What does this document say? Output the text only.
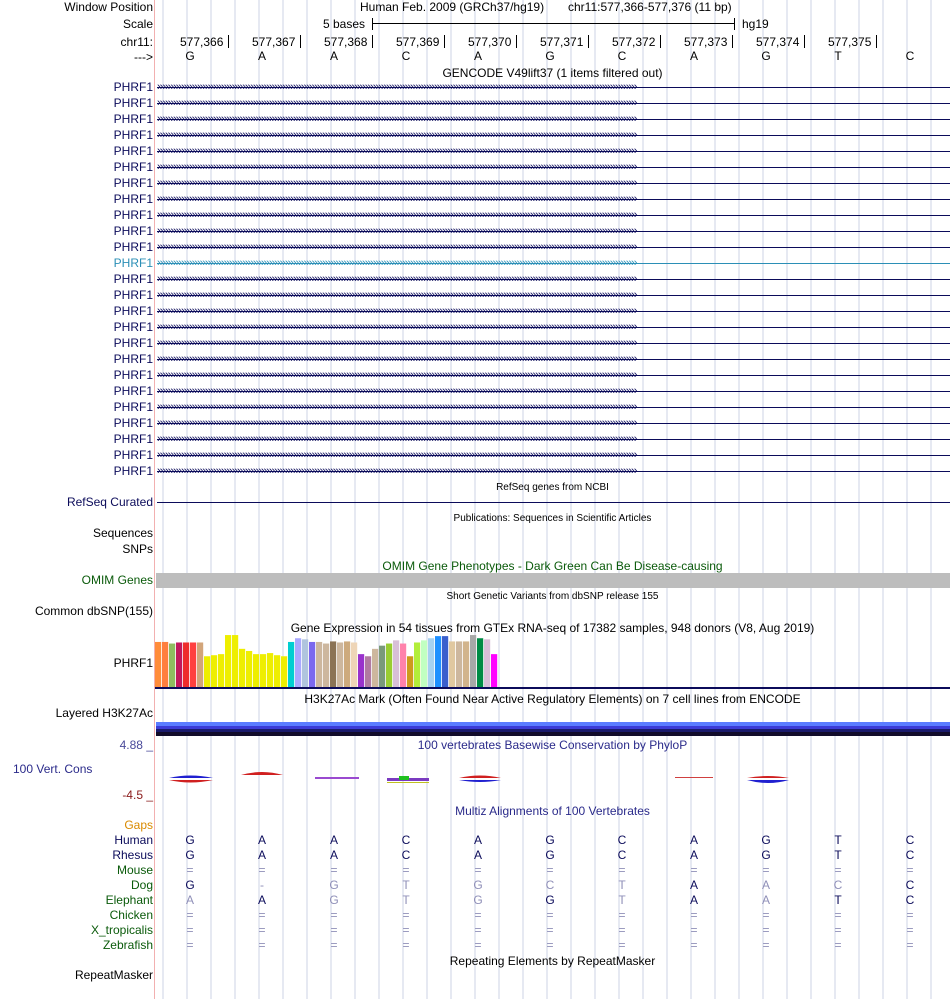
Window Position	Human Feb. 2009 (GRCh37/hg19) chr11:577,366-577,376 (11 bp)
Scale	5 bases	hg19
chr11:
--->
577,366 577,367 577,368 577,369 577,370 577,371 577,372 577,373 577,374 577,375
G	A	A	C	A	G	C	A	G	T	C
GENCODE V49lift37 (1 items filtered out)
PHRF1 ››››››››››››››››››››››››››››››››››››››››››››››››››››››››››››››››››››››››››››››››››››››››››››››››››››››››››››››››››››››››››››››››››››››››››››››››››››››››››››››››››››››››››››››››››››
PHRF1 ››››››››››››››››››››››››››››››››››››››››››››››››››››››››››››››››››››››››››››››››››››››››››››››››››››››››››››››››››››››››››››››››››››››››››››››››››››››››››››››››››››››››››››››››››››
PHRF1 ››››››››››››››››››››››››››››››››››››››››››››››››››››››››››››››››››››››››››››››››››››››››››››››››››››››››››››››››››››››››››››››››››››››››››››››››››››››››››››››››››››››››››››››››››››
PHRF1 ››››››››››››››››››››››››››››››››››››››››››››››››››››››››››››››››››››››››››››››››››››››››››››››››››››››››››››››››››››››››››››››››››››››››››››››››››››››››››››››››››››››››››››››››››››
PHRF1 ››››››››››››››››››››››››››››››››››››››››››››››››››››››››››››››››››››››››››››››››››››››››››››››››››››››››››››››››››››››››››››››››››››››››››››››››››››››››››››››››››››››››››››››››››››
PHRF1 ››››››››››››››››››››››››››››››››››››››››››››››››››››››››››››››››››››››››››››››››››››››››››››››››››››››››››››››››››››››››››››››››››››››››››››››››››››››››››››››››››››››››››››››››››››
PHRF1 ››››››››››››››››››››››››››››››››››››››››››››››››››››››››››››››››››››››››››››››››››››››››››››››››››››››››››››››››››››››››››››››››››››››››››››››››››››››››››››››››››››››››››››››››››››
PHRF1 ››››››››››››››››››››››››››››››››››››››››››››››››››››››››››››››››››››››››››››››››››››››››››››››››››››››››››››››››››››››››››››››››››››››››››››››››››››››››››››››››››››››››››››››››››››
PHRF1 ››››››››››››››››››››››››››››››››››››››››››››››››››››››››››››››››››››››››››››››››››››››››››››››››››››››››››››››››››››››››››››››››››››››››››››››››››››››››››››››››››››››››››››››››››››
PHRF1 ››››››››››››››››››››››››››››››››››››››››››››››››››››››››››››››››››››››››››››››››››››››››››››››››››››››››››››››››››››››››››››››››››››››››››››››››››››››››››››››››››››››››››››››››››››
PHRF1 ››››››››››››››››››››››››››››››››››››››››››››››››››››››››››››››››››››››››››››››››››››››››››››››››››››››››››››››››››››››››››››››››››››››››››››››››››››››››››››››››››››››››››››››››››››
PHRF1 ››››››››››››››››››››››››››››››››››››››››››››››››››››››››››››››››››››››››››››››››››››››››››››››››››››››››››››››››››››››››››››››››››››››››››››››››››››››››››››››››››››››››››››››››››››
PHRF1 ››››››››››››››››››››››››››››››››››››››››››››››››››››››››››››››››››››››››››››››››››››››››››››››››››››››››››››››››››››››››››››››››››››››››››››››››››››››››››››››››››››››››››››››››››››
PHRF1 ››››››››››››››››››››››››››››››››››››››››››››››››››››››››››››››››››››››››››››››››››››››››››››››››››››››››››››››››››››››››››››››››››››››››››››››››››››››››››››››››››››››››››››››››››››
PHRF1 ››››››››››››››››››››››››››››››››››››››››››››››››››››››››››››››››››››››››››››››››››››››››››››››››››››››››››››››››››››››››››››››››››››››››››››››››››››››››››››››››››››››››››››››››››››
PHRF1 ››››››››››››››››››››››››››››››››››››››››››››››››››››››››››››››››››››››››››››››››››››››››››››››››››››››››››››››››››››››››››››››››››››››››››››››››››››››››››››››››››››››››››››››››››››
PHRF1 ››››››››››››››››››››››››››››››››››››››››››››››››››››››››››››››››››››››››››››››››››››››››››››››››››››››››››››››››››››››››››››››››››››››››››››››››››››››››››››››››››››››››››››››››››››
PHRF1 ››››››››››››››››››››››››››››››››››››››››››››››››››››››››››››››››››››››››››››››››››››››››››››››››››››››››››››››››››››››››››››››››››››››››››››››››››››››››››››››››››››››››››››››››››››
PHRF1 ››››››››››››››››››››››››››››››››››››››››››››››››››››››››››››››››››››››››››››››››››››››››››››››››››››››››››››››››››››››››››››››››››››››››››››››››››››››››››››››››››››››››››››››››››››
PHRF1 ››››››››››››››››››››››››››››››››››››››››››››››››››››››››››››››››››››››››››››››››››››››››››››››››››››››››››››››››››››››››››››››››››››››››››››››››››››››››››››››››››››››››››››››››››››
PHRF1 ››››››››››››››››››››››››››››››››››››››››››››››››››››››››››››››››››››››››››››››››››››››››››››››››››››››››››››››››››››››››››››››››››››››››››››››››››››››››››››››››››››››››››››››››››››
PHRF1 ››››››››››››››››››››››››››››››››››››››››››››››››››››››››››››››››››››››››››››››››››››››››››››››››››››››››››››››››››››››››››››››››››››››››››››››››››››››››››››››››››››››››››››››››››››
PHRF1 ››››››››››››››››››››››››››››››››››››››››››››››››››››››››››››››››››››››››››››››››››››››››››››››››››››››››››››››››››››››››››››››››››››››››››››››››››››››››››››››››››››››››››››››››››››
PHRF1 ››››››››››››››››››››››››››››››››››››››››››››››››››››››››››››››››››››››››››››››››››››››››››››››››››››››››››››››››››››››››››››››››››››››››››››››››››››››››››››››››››››››››››››››››››››
PHRF1 ››››››››››››››››››››››››››››››››››››››››››››››››››››››››››››››››››››››››››››››››››››››››››››››››››››››››››››››››››››››››››››››››››››››››››››››››››››››››››››››››››››››››››››››››››››
RefSeq genes from NCBI
RefSeq Curated
Publications: Sequences in Scientific Articles
Sequences
SNPs
OMIM Gene Phenotypes - Dark Green Can Be Disease-causing
OMIM Genes
Short Genetic Variants from dbSNP release 155
Common dbSNP(155)
Gene Expression in 54 tissues from GTEx RNA-seq of 17382 samples, 948 donors (V8, Aug 2019)
PHRF1
H3K27Ac Mark (Often Found Near Active Regulatory Elements) on 7 cell lines from ENCODE
Layered H3K27Ac
4.88 _	100 vertebrates Basewise Conservation by PhyloP
100 Vert. Cons
-4.5 _
Multiz Alignments of 100 Vertebrates
Gaps
Human	G	A	A	C	A	G	C	A	G	T	C
Rhesus	G	A	A	C	A	G	C	A	G	T	C
Mouse	=	=	=	=	=	=	=	=	=	=	=
Dog	G	-	G	T	G	C	T	A	A	C	C
Elephant	A	A	G	T	G	G	T	A	A	T	C
Chicken	=	=	=	=	=	=	=	=	=	=	=
X_tropicalis	=	=	=	=	=	=	=	=	=	=	=
Zebrafish	=	=	=	=	=	=	=	=	=	=	=
Repeating Elements by RepeatMasker
RepeatMasker
